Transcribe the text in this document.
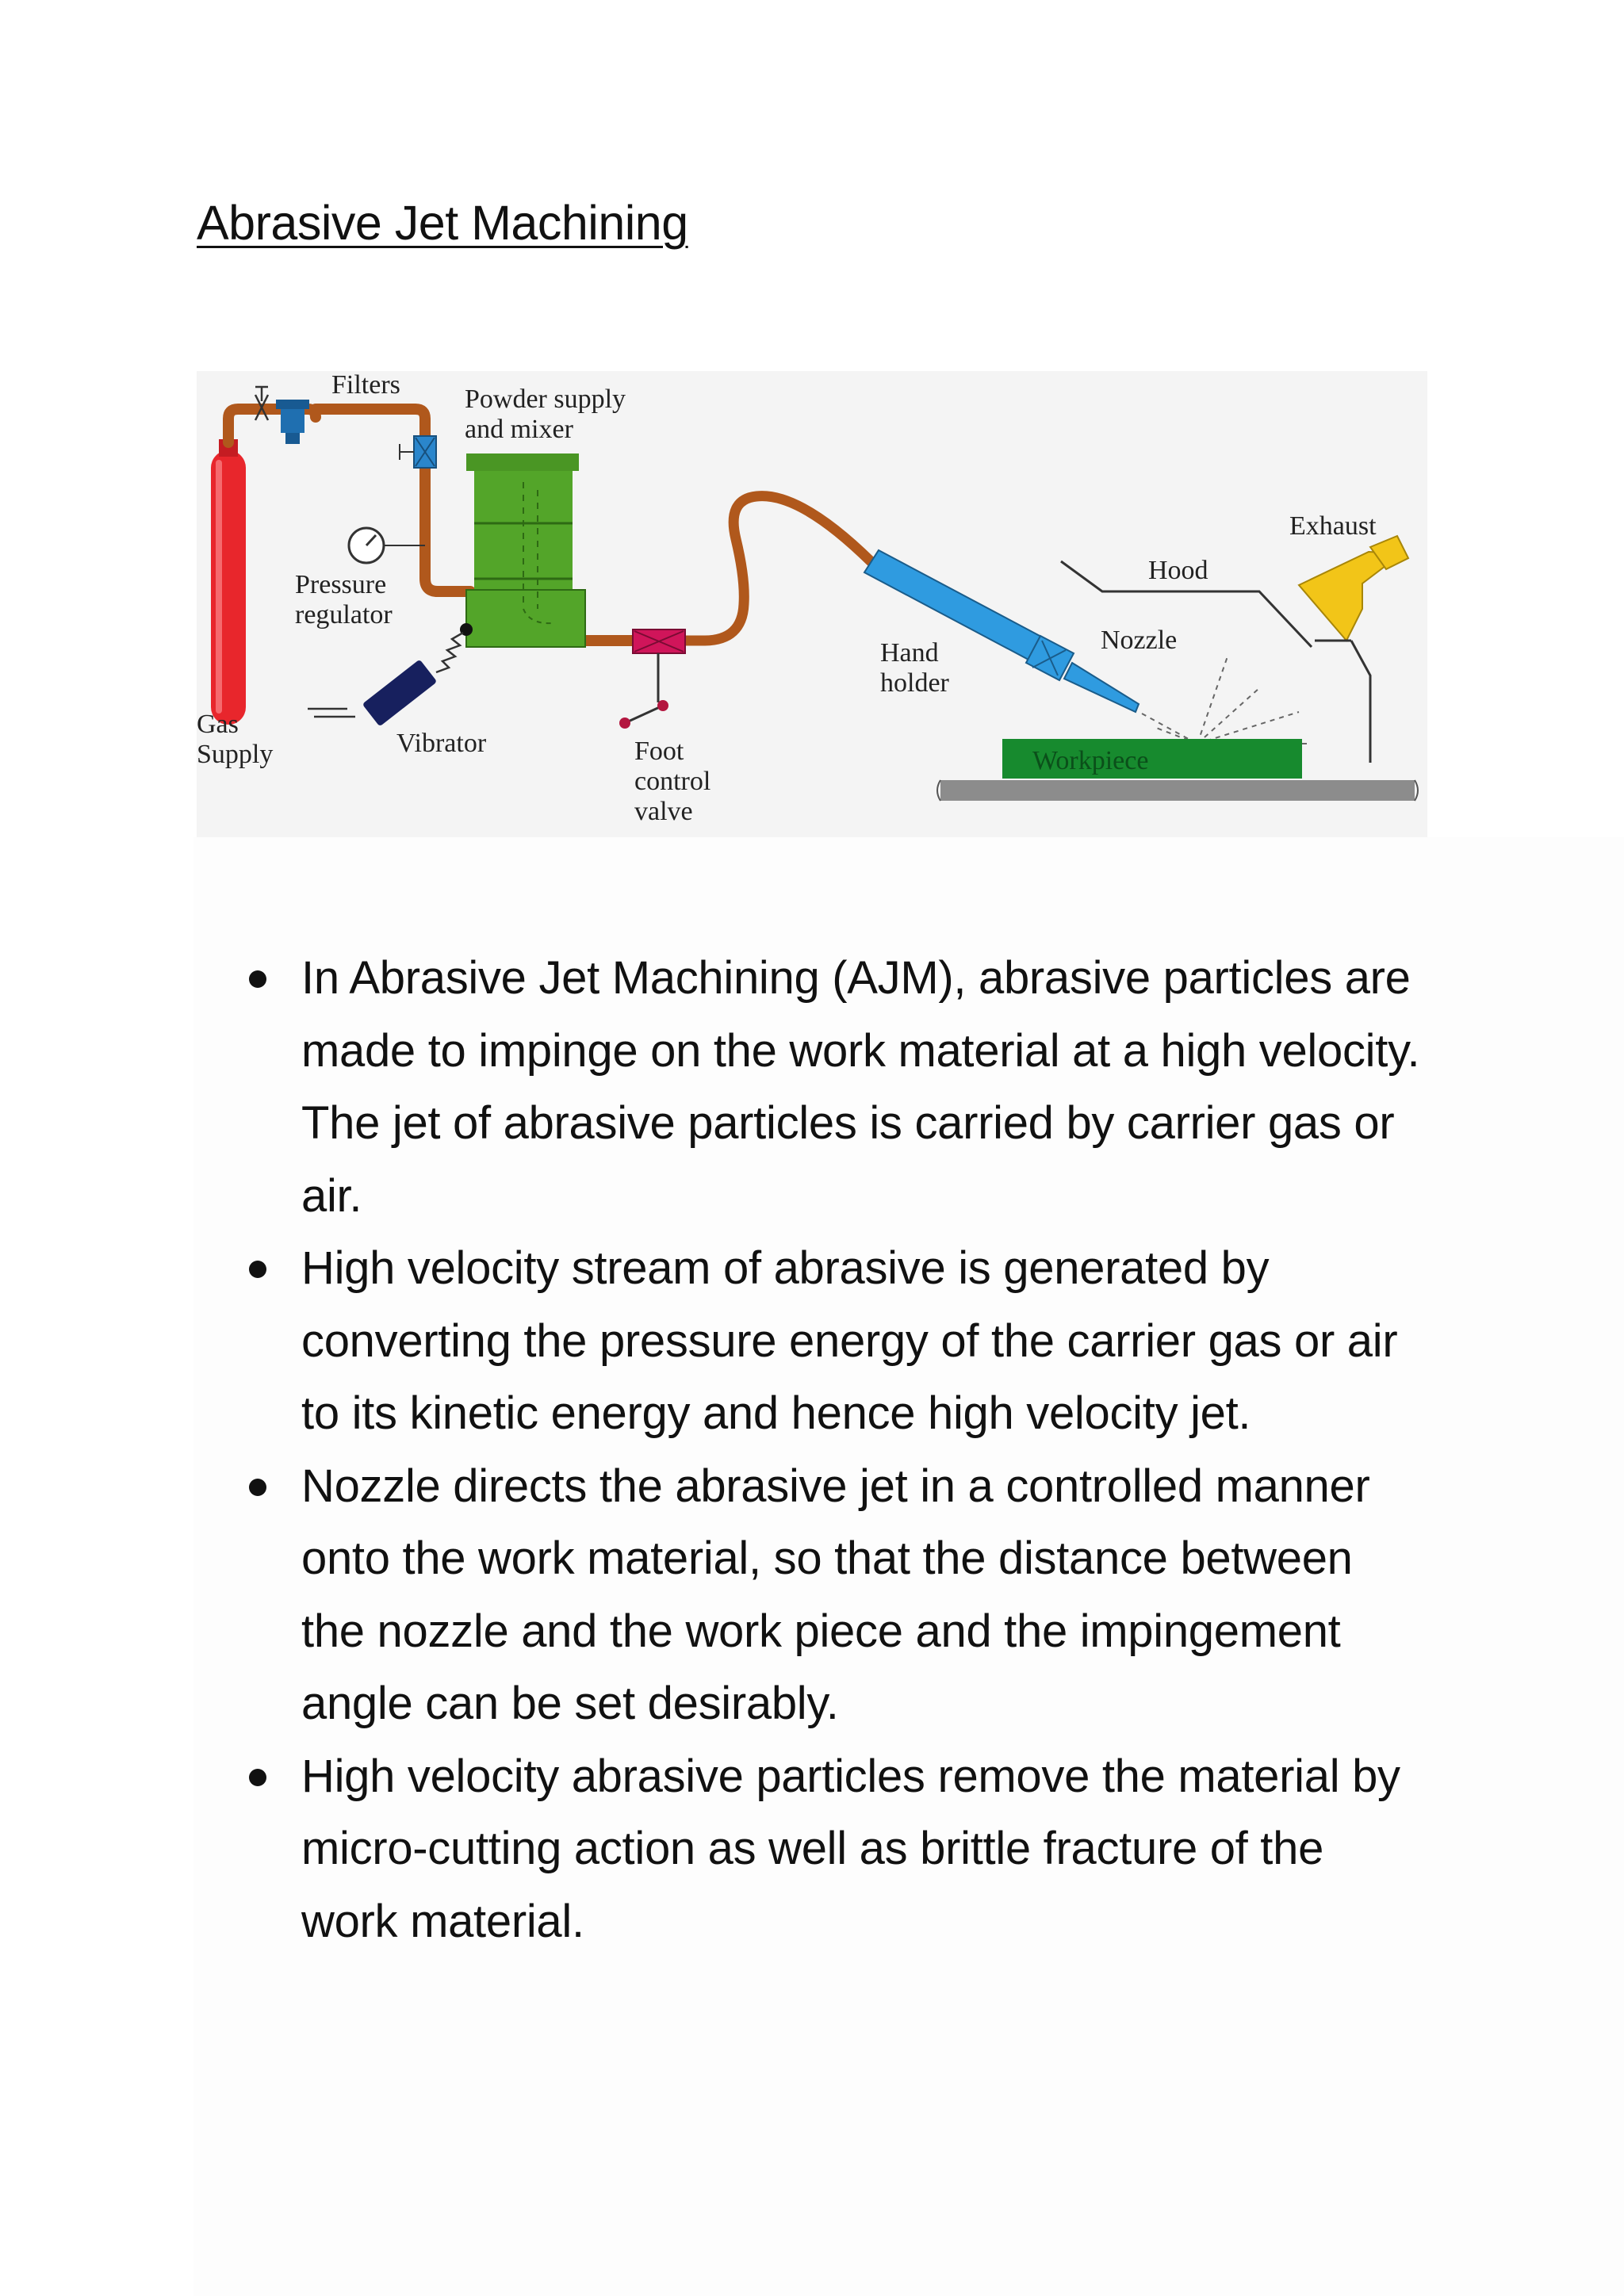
Abrasive Jet Machining
Filters Powder supply
and mixer
Pressure
regulator
Gas
Supply	Vibrator	Foot
control
valve
Hand
holder
Nozzle
Hood
Exhaust
Workpiece
In Abrasive Jet Machining (AJM), abrasive particles are made to impinge on the work material at a high velocity. The jet of abrasive particles is carried by carrier gas or air.
High velocity stream of abrasive is generated by converting the pressure energy of the carrier gas or air to its kinetic energy and hence high velocity jet.
Nozzle directs the abrasive jet in a controlled manner onto the work material, so that the distance between the nozzle and the work piece and the impingement angle can be set desirably.
High velocity abrasive particles remove the material by micro-cutting action as well as brittle fracture of the work material.
